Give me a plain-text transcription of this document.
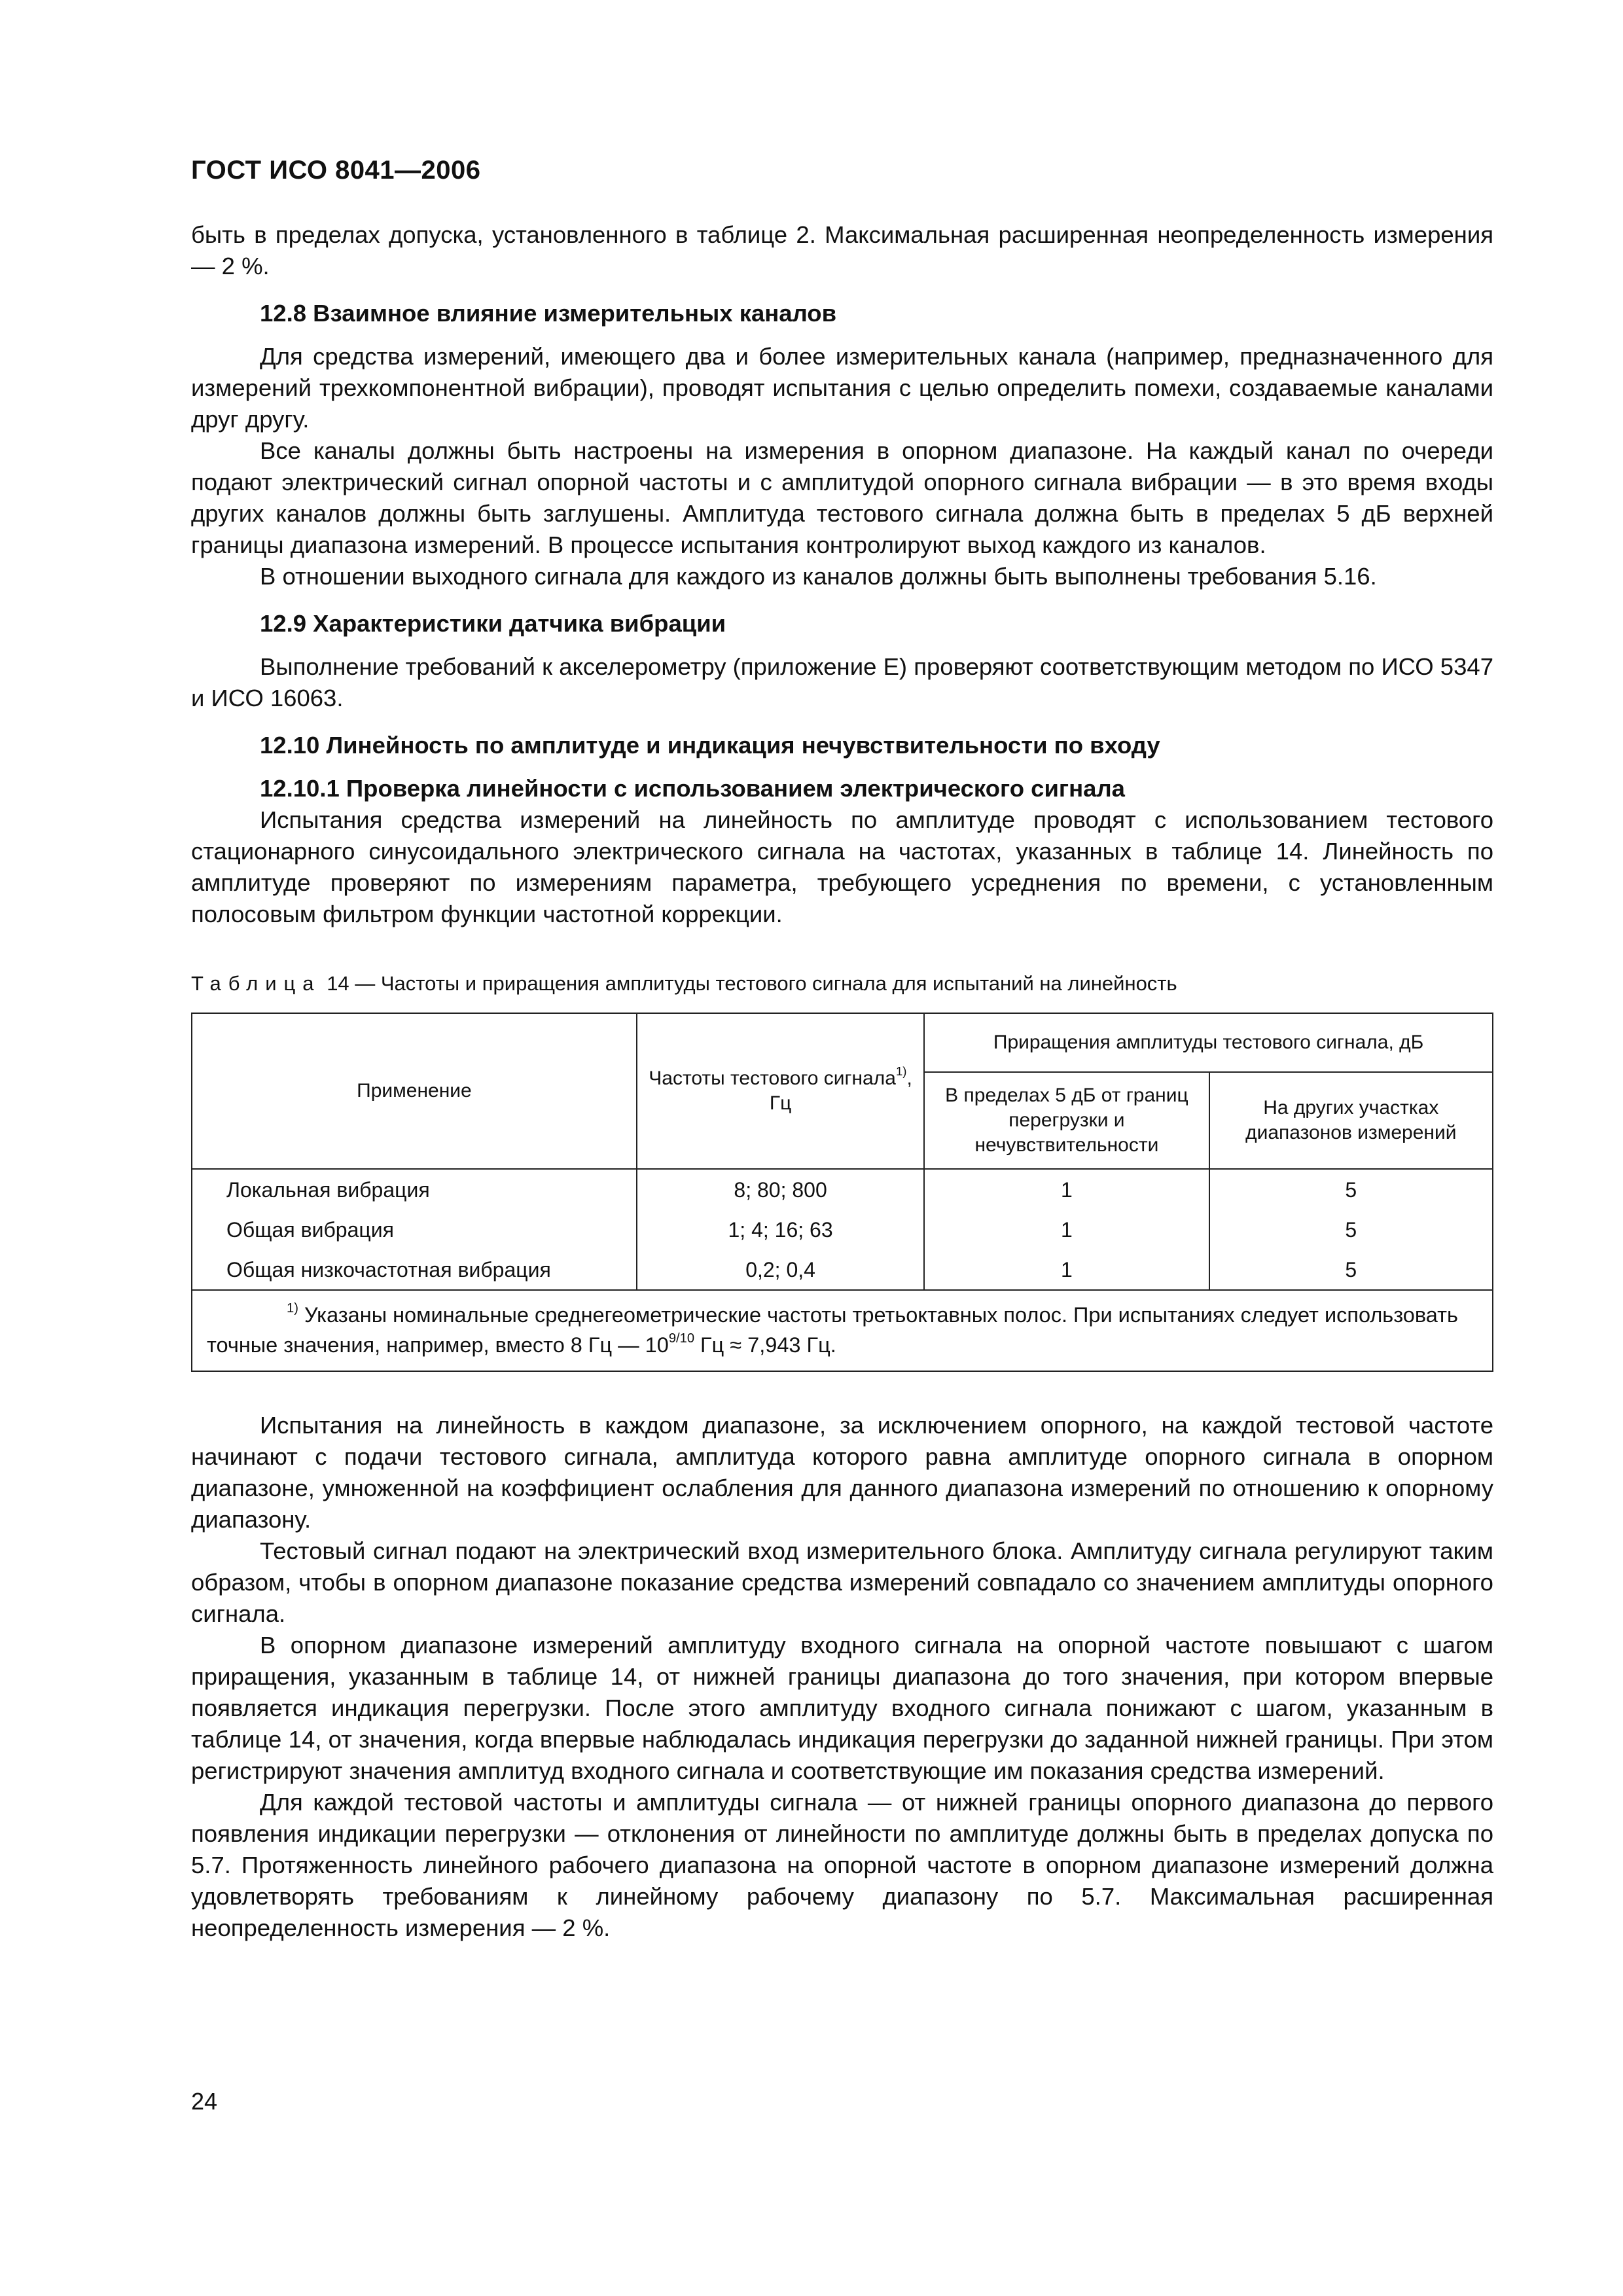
ГОСТ ИСО 8041—2006

быть в пределах допуска, установленного в таблице 2. Максимальная расширенная неопределенность измерения — 2 %.

12.8 Взаимное влияние измерительных каналов

Для средства измерений, имеющего два и более измерительных канала (например, предназначенного для измерений трехкомпонентной вибрации), проводят испытания с целью определить помехи, создаваемые каналами друг другу.

Все каналы должны быть настроены на измерения в опорном диапазоне. На каждый канал по очереди подают электрический сигнал опорной частоты и с амплитудой опорного сигнала вибрации — в это время входы других каналов должны быть заглушены. Амплитуда тестового сигнала должна быть в пределах 5 дБ верхней границы диапазона измерений. В процессе испытания контролируют выход каждого из каналов.

В отношении выходного сигнала для каждого из каналов должны быть выполнены требования 5.16.

12.9 Характеристики датчика вибрации

Выполнение требований к акселерометру (приложение Е) проверяют соответствующим методом по ИСО 5347 и ИСО 16063.

12.10 Линейность по амплитуде и индикация нечувствительности по входу
12.10.1 Проверка линейности с использованием электрического сигнала

Испытания средства измерений на линейность по амплитуде проводят с использованием тестового стационарного синусоидального электрического сигнала на частотах, указанных в таблице 14. Линейность по амплитуде проверяют по измерениям параметра, требующего усреднения по времени, с установленным полосовым фильтром функции частотной коррекции.

Таблица 14 — Частоты и приращения амплитуды тестового сигнала для испытаний на линейность
Применение	Частоты тестового сигнала$^{1)}$, Гц	Приращения амплитуды тестового сигнала, дБ	
		В пределах 5 дБ от границ перегрузки и нечувствительности	На других участках диапазонов измерений
Локальная вибрация	8; 80; 800	1	5
Общая вибрация	1; 4; 16; 63	1	5
Общая низкочастотная вибрация	0,2; 0,4	1	5
$^{1)}$ Указаны номинальные среднегеометрические частоты третьоктавных полос. При испытаниях следует использовать точные значения, например, вместо 8 Гц — $10^{9/10}$ Гц ≈ 7,943 Гц.			

Испытания на линейность в каждом диапазоне, за исключением опорного, на каждой тестовой частоте начинают с подачи тестового сигнала, амплитуда которого равна амплитуде опорного сигнала в опорном диапазоне, умноженной на коэффициент ослабления для данного диапазона измерений по отношению к опорному диапазону.

Тестовый сигнал подают на электрический вход измерительного блока. Амплитуду сигнала регулируют таким образом, чтобы в опорном диапазоне показание средства измерений совпадало со значением амплитуды опорного сигнала.

В опорном диапазоне измерений амплитуду входного сигнала на опорной частоте повышают с шагом приращения, указанным в таблице 14, от нижней границы диапазона до того значения, при котором впервые появляется индикация перегрузки. После этого амплитуду входного сигнала понижают с шагом, указанным в таблице 14, от значения, когда впервые наблюдалась индикация перегрузки до заданной нижней границы. При этом регистрируют значения амплитуд входного сигнала и соответствующие им показания средства измерений.

Для каждой тестовой частоты и амплитуды сигнала — от нижней границы опорного диапазона до первого появления индикации перегрузки — отклонения от линейности по амплитуде должны быть в пределах допуска по 5.7. Протяженность линейного рабочего диапазона на опорной частоте в опорном диапазоне измерений должна удовлетворять требованиям к линейному рабочему диапазону по 5.7. Максимальная расширенная неопределенность измерения — 2 %.

24
